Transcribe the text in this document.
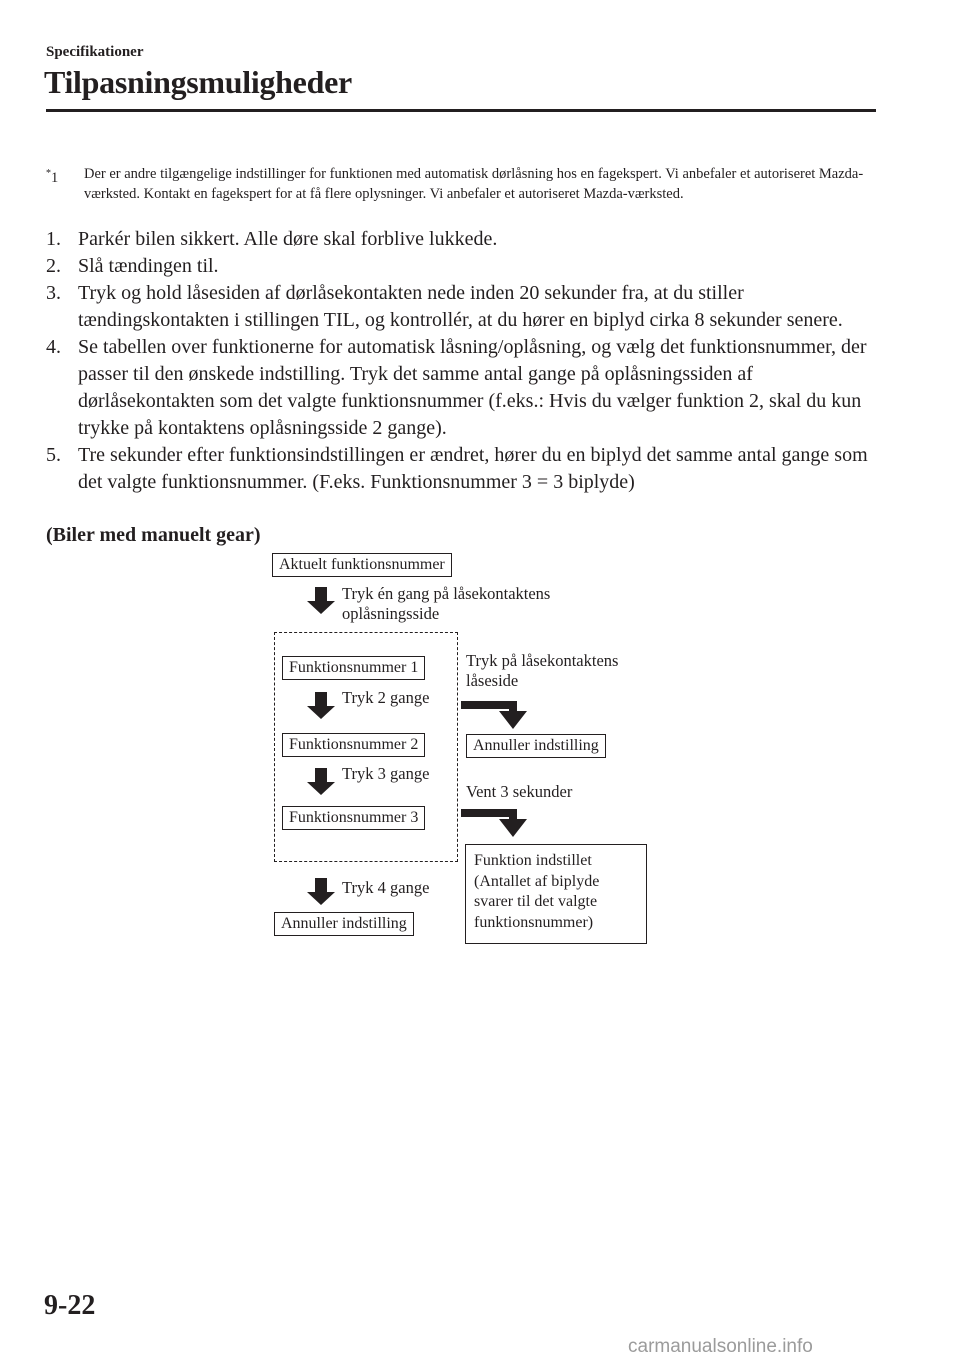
Specifikationer
Tilpasningsmuligheder
*1 Der er andre tilgængelige indstillinger for funktionen med automatisk dørlåsning hos en fagekspert. Vi anbefaler et autoriseret Mazda-værksted. Kontakt en fagekspert for at få flere oplysninger. Vi anbefaler et autoriseret Mazda-værksted.
1. Parkér bilen sikkert. Alle døre skal forblive lukkede.
2. Slå tændingen til.
3. Tryk og hold låsesiden af dørlåsekontakten nede inden 20 sekunder fra, at du stiller tændingskontakten i stillingen TIL, og kontrollér, at du hører en biplyd cirka 8 sekunder senere.
4. Se tabellen over funktionerne for automatisk låsning/oplåsning, og vælg det funktionsnummer, der passer til den ønskede indstilling. Tryk det samme antal gange på oplåsningssiden af dørlåsekontakten som det valgte funktionsnummer (f.eks.: Hvis du vælger funktion 2, skal du kun trykke på kontaktens oplåsningsside 2 gange).
5. Tre sekunder efter funktionsindstillingen er ændret, hører du en biplyd det samme antal gange som det valgte funktionsnummer. (F.eks. Funktionsnummer 3 = 3 biplyde)
(Biler med manuelt gear)
Aktuelt funktionsnummer
Tryk én gang på låsekontaktens oplåsningsside
Funktionsnummer 1
Tryk 2 gange
Funktionsnummer 2
Tryk 3 gange
Funktionsnummer 3
Tryk 4 gange
Annuller indstilling
Tryk på låsekontaktens låseside
Annuller indstilling
Vent 3 sekunder
Funktion indstillet (Antallet af biplyde svarer til det valgte funktionsnummer)
9-22
carmanualsonline.info
